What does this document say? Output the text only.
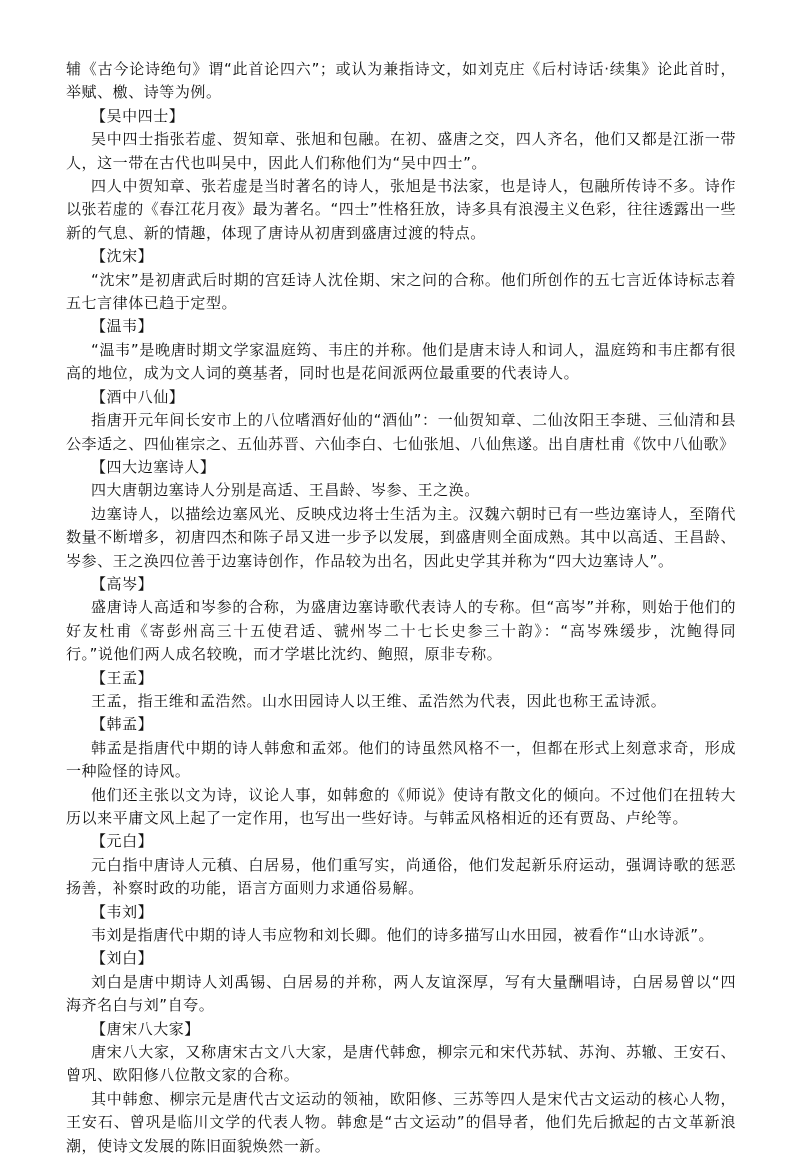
辅《古今论诗绝句》谓“此首论四六”；或认为兼指诗文，如刘克庄《后村诗话·续集》论此首时，举赋、檄、诗等为例。

【吴中四士】

吴中四士指张若虚、贺知章、张旭和包融。在初、盛唐之交，四人齐名，他们又都是江浙一带人，这一带在古代也叫吴中，因此人们称他们为“吴中四士”。

四人中贺知章、张若虚是当时著名的诗人，张旭是书法家，也是诗人，包融所传诗不多。诗作以张若虚的《春江花月夜》最为著名。“四士”性格狂放，诗多具有浪漫主义色彩，往往透露出一些新的气息、新的情趣，体现了唐诗从初唐到盛唐过渡的特点。

【沈宋】

“沈宋”是初唐武后时期的宫廷诗人沈佺期、宋之问的合称。他们所创作的五七言近体诗标志着五七言律体已趋于定型。

【温韦】

“温韦”是晚唐时期文学家温庭筠、韦庄的并称。他们是唐末诗人和词人，温庭筠和韦庄都有很高的地位，成为文人词的奠基者，同时也是花间派两位最重要的代表诗人。

【酒中八仙】

指唐开元年间长安市上的八位嗜酒好仙的“酒仙”：一仙贺知章、二仙汝阳王李琎、三仙清和县公李适之、四仙崔宗之、五仙苏晋、六仙李白、七仙张旭、八仙焦遂。出自唐杜甫《饮中八仙歌》

【四大边塞诗人】

四大唐朝边塞诗人分别是高适、王昌龄、岑参、王之涣。

边塞诗人，以描绘边塞风光、反映戍边将士生活为主。汉魏六朝时已有一些边塞诗人，至隋代数量不断增多，初唐四杰和陈子昂又进一步予以发展，到盛唐则全面成熟。其中以高适、王昌龄、岑参、王之涣四位善于边塞诗创作，作品较为出名，因此史学其并称为“四大边塞诗人”。

【高岑】

盛唐诗人高适和岑参的合称，为盛唐边塞诗歌代表诗人的专称。但“高岑”并称，则始于他们的好友杜甫《寄彭州高三十五使君适、虢州岑二十七长史参三十韵》：“高岑殊缓步，沈鲍得同行。”说他们两人成名较晚，而才学堪比沈约、鲍照，原非专称。

【王孟】

王孟，指王维和孟浩然。山水田园诗人以王维、孟浩然为代表，因此也称王孟诗派。

【韩孟】

韩孟是指唐代中期的诗人韩愈和孟郊。他们的诗虽然风格不一，但都在形式上刻意求奇，形成一种险怪的诗风。

他们还主张以文为诗，议论人事，如韩愈的《师说》使诗有散文化的倾向。不过他们在扭转大历以来平庸文风上起了一定作用，也写出一些好诗。与韩孟风格相近的还有贾岛、卢纶等。

【元白】

元白指中唐诗人元稹、白居易，他们重写实，尚通俗，他们发起新乐府运动，强调诗歌的惩恶扬善，补察时政的功能，语言方面则力求通俗易解。

【韦刘】

韦刘是指唐代中期的诗人韦应物和刘长卿。他们的诗多描写山水田园，被看作“山水诗派”。

【刘白】

刘白是唐中期诗人刘禹锡、白居易的并称，两人友谊深厚，写有大量酬唱诗，白居易曾以“四海齐名白与刘”自夸。

【唐宋八大家】

唐宋八大家，又称唐宋古文八大家，是唐代韩愈，柳宗元和宋代苏轼、苏洵、苏辙、王安石、曾巩、欧阳修八位散文家的合称。

其中韩愈、柳宗元是唐代古文运动的领袖，欧阳修、三苏等四人是宋代古文运动的核心人物，王安石、曾巩是临川文学的代表人物。韩愈是“古文运动”的倡导者，他们先后掀起的古文革新浪潮，使诗文发展的陈旧面貌焕然一新。
